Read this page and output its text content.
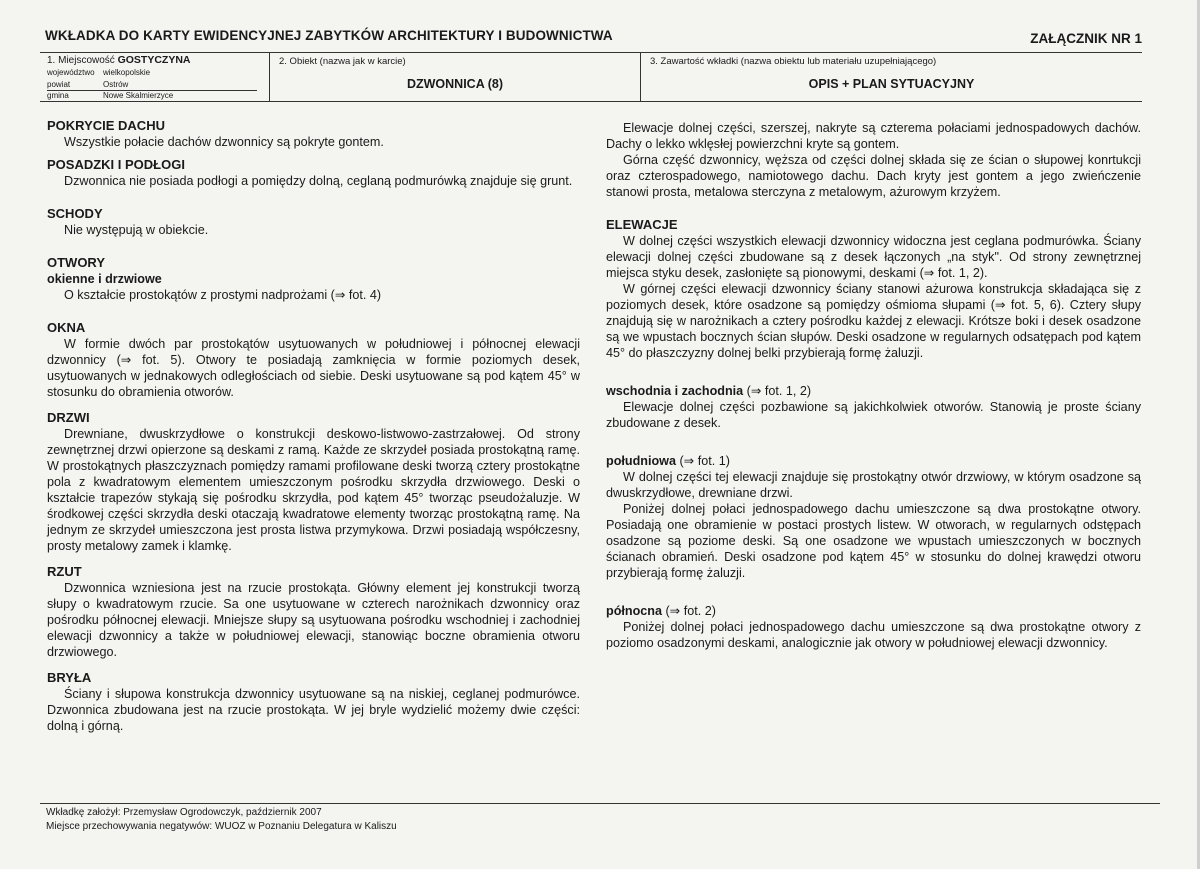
WKŁADKA DO KARTY EWIDENCYJNEJ ZABYTKÓW ARCHITEKTURY I BUDOWNICTWA	ZAŁĄCZNIK NR 1
1. Miejscowość GOSTYCZYNA
województwo wielkopolskie
powiat	Ostrów
gmina	Nowe Skalmierzyce
2. Obiekt (nazwa jak w karcie)
DZWONNICA (8)
3. Zawartość wkładki (nazwa obiektu lub materiału uzupełniającego)
OPIS + PLAN SYTUACYJNY
POKRYCIE DACHU

Wszystkie połacie dachów dzwonnicy są pokryte gontem.

POSADZKI I PODŁOGI

Dzwonnica nie posiada podłogi a pomiędzy dolną, ceglaną podmurówką znajduje się grunt.

SCHODY

Nie występują w obiekcie.

OTWORY
okienne i drzwiowe

O kształcie prostokątów z prostymi nadprożami (⇒ fot. 4)

OKNA

W formie dwóch par prostokątów usytuowanych w południowej i północnej elewacji dzwonnicy (⇒ fot. 5). Otwory te posiadają zamknięcia w formie poziomych desek, usytuowanych w jednakowych odległościach od siebie. Deski usytuowane są pod kątem 45° w stosunku do obramienia otworów.

DRZWI

Drewniane, dwuskrzydłowe o konstrukcji deskowo-listwowo-zastrzałowej. Od strony zewnętrznej drzwi opierzone są deskami z ramą. Każde ze skrzydeł posiada prostokątną ramę. W prostokątnych płaszczyznach pomiędzy ramami profilowane deski tworzą cztery prostokątne pola z kwadratowym elementem umieszczonym pośrodku skrzydła drzwiowego. Deski o kształcie trapezów stykają się pośrodku skrzydła, pod kątem 45° tworząc pseudożaluzje. W środkowej części skrzydła deski otaczają kwadratowe elementy tworząc prostokątną ramę. Na jednym ze skrzydeł umieszczona jest prosta listwa przymykowa. Drzwi posiadają współczesny, prosty metalowy zamek i klamkę.

RZUT

Dzwonnica wzniesiona jest na rzucie prostokąta. Główny element jej konstrukcji tworzą słupy o kwadratowym rzucie. Sa one usytuowane w czterech narożnikach dzwonnicy oraz pośrodku północnej elewacji. Mniejsze słupy są usytuowana pośrodku wschodniej i zachodniej elewacji dzwonnicy a także w południowej elewacji, stanowiąc boczne obramienia otworu drzwiowego.

BRYŁA

Ściany i słupowa konstrukcja dzwonnicy usytuowane są na niskiej, ceglanej podmurówce. Dzwonnica zbudowana jest na rzucie prostokąta. W jej bryle wydzielić możemy dwie części: dolną i górną.

Elewacje dolnej części, szerszej, nakryte są czterema połaciami jednospadowych dachów. Dachy o lekko wklęsłej powierzchni kryte są gontem.

Górna część dzwonnicy, węższa od części dolnej składa się ze ścian o słupowej konrtukcji oraz czterospadowego, namiotowego dachu. Dach kryty jest gontem a jego zwieńczenie stanowi prosta, metalowa sterczyna z metalowym, ażurowym krzyżem.

ELEWACJE

W dolnej części wszystkich elewacji dzwonnicy widoczna jest ceglana podmurówka. Ściany elewacji dolnej części zbudowane są z desek łączonych „na styk". Od strony zewnętrznej miejsca styku desek, zasłonięte są pionowymi, deskami (⇒ fot. 1, 2).

W górnej części elewacji dzwonnicy ściany stanowi ażurowa konstrukcja składająca się z poziomych desek, które osadzone są pomiędzy ośmioma słupami (⇒ fot. 5, 6). Cztery słupy znajdują się w narożnikach a cztery pośrodku każdej z elewacji. Krótsze boki i desek osadzone są we wpustach bocznych ścian słupów. Deski osadzone w regularnych odsatępach pod kątem 45° do płaszczyzny dolnej belki przybierają formę żaluzji.

wschodnia i zachodnia (⇒ fot. 1, 2)

Elewacje dolnej części pozbawione są jakichkolwiek otworów. Stanowią je proste ściany zbudowane z desek.

południowa (⇒ fot. 1)

W dolnej części tej elewacji znajduje się prostokątny otwór drzwiowy, w którym osadzone są dwuskrzydłowe, drewniane drzwi.

Poniżej dolnej połaci jednospadowego dachu umieszczone są dwa prostokątne otwory. Posiadają one obramienie w postaci prostych listew. W otworach, w regularnych odstępach osadzone są poziome deski. Są one osadzone we wpustach umieszczonych w bocznych ścianach obramień. Deski osadzone pod kątem 45° w stosunku do dolnej krawędzi otworu przybierają formę żaluzji.

północna (⇒ fot. 2)

Poniżej dolnej połaci jednospadowego dachu umieszczone są dwa prostokątne otwory z poziomo osadzonymi deskami, analogicznie jak otwory w południowej elewacji dzwonnicy.

Wkładkę założył: Przemysław Ogrodowczyk, październik 2007
Miejsce przechowywania negatywów: WUOZ w Poznaniu Delegatura w Kaliszu
